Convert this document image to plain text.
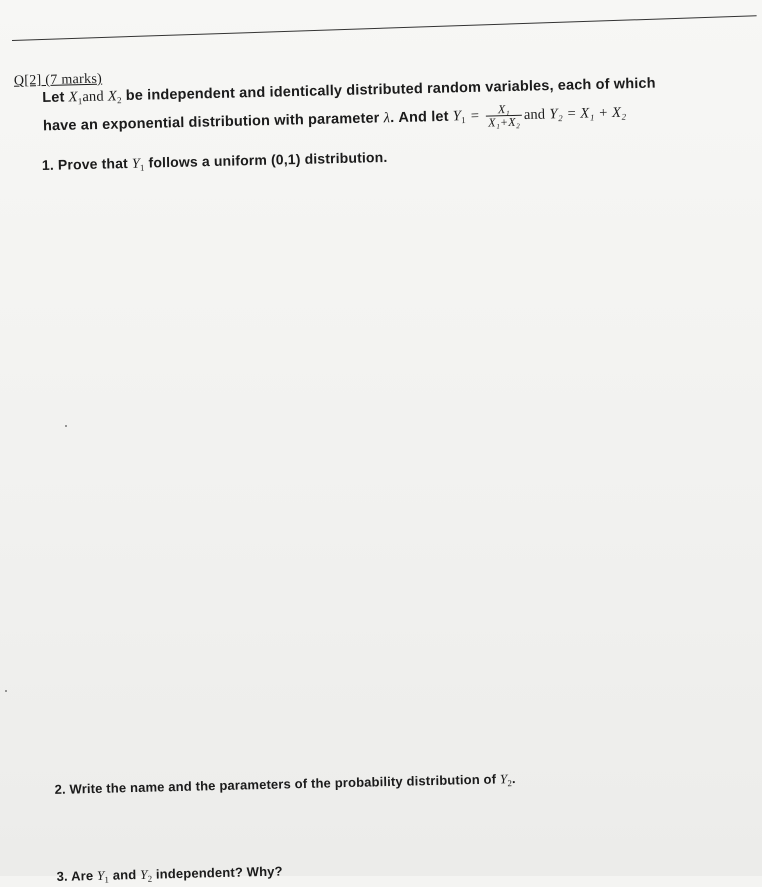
Q[2] (7 marks)
Let $X_1and$ $X_2$ be independent and identically distributed random variables, each of which
have an exponential distribution with parameter λ. And let $Y_1 = \frac{\text{X₁}}{\text{X₁+X₂}}$ and Y₂ = X₁ + X₂
1. Prove that $Y_1$ follows a uniform (0,1) distribution.
2. Write the name and the parameters of the probability distribution of $Y_2$.
3. Are $Y_1$ and $Y_2$ independent? Why?
